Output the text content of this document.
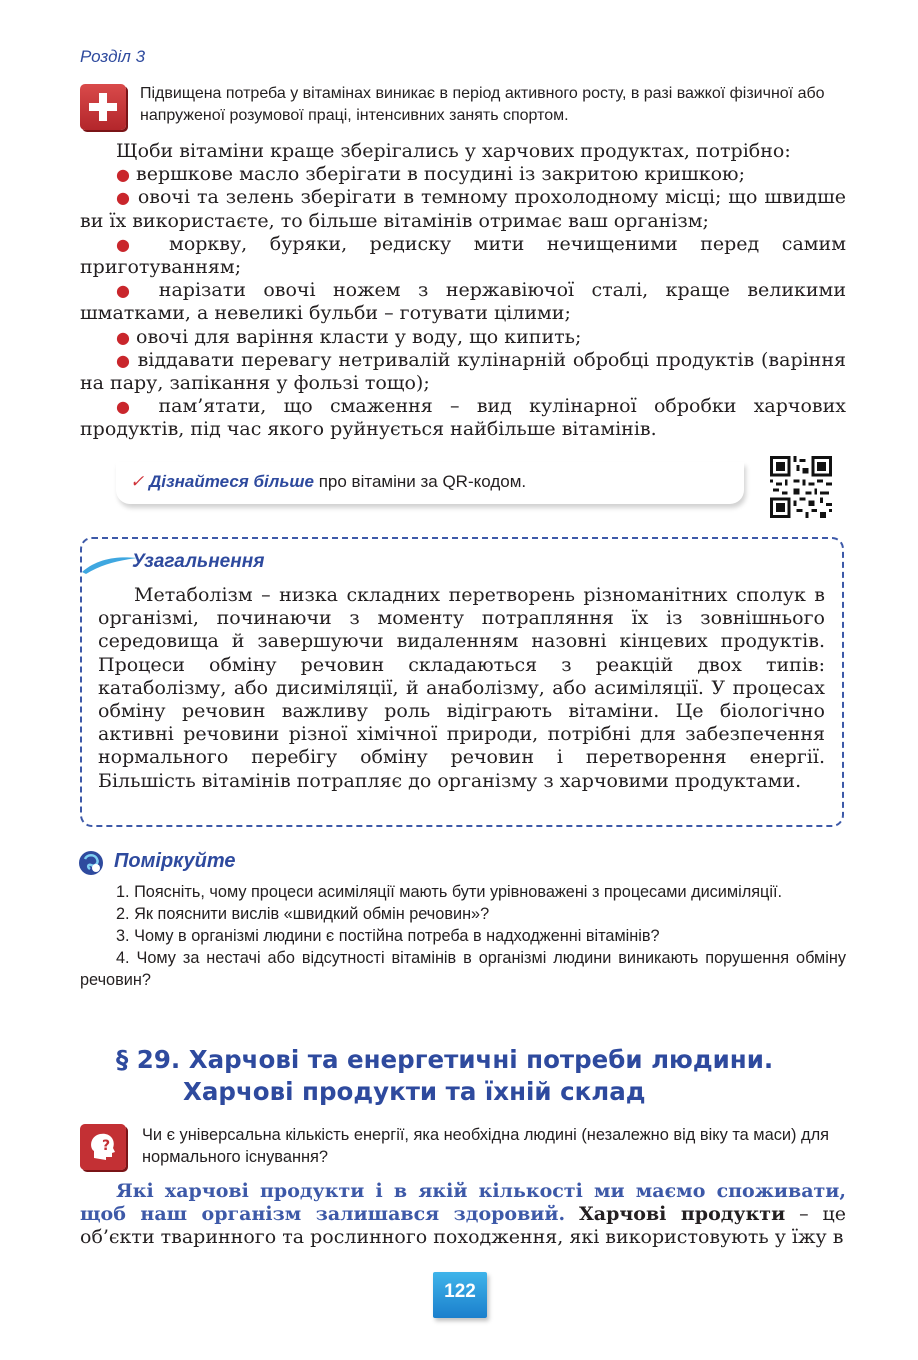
Розділ 3
Підвищена потреба у вітамінах виникає в період активного росту, в разі важкої фізичної або напруженої розумової праці, інтенсивних занять спортом.

Щоби вітаміни краще зберігались у харчових продуктах, потрібно:

● вершкове масло зберігати в посудині із закритою кришкою;

● овочі та зелень зберігати в темному прохолодному місці; що швидше ви їх використаєте, то більше вітамінів отримає ваш організм;

● моркву, буряки, редиску мити нечищеними перед самим приготуванням;

● нарізати овочі ножем з нержавіючої сталі, краще великими шматками, а невеликі бульби – готувати цілими;

● овочі для варіння класти у воду, що кипить;

● віддавати перевагу нетривалій кулінарній обробці продуктів (варіння на пару, запікання у фользі тощо);

● пам’ятати, що смаження – вид кулінарної обробки харчових продуктів, під час якого руйнується найбільше вітамінів.

✓ Дізнайтеся більше про вітаміни за QR-кодом.
Узагальнення
Метаболізм – низка складних перетворень різноманітних сполук в організмі, починаючи з моменту потрапляння їх із зовнішнього середовища й завершуючи видаленням назовні кінцевих продуктів. Процеси обміну речовин складаються з реакцій двох типів: катаболізму, або дисиміляції, й анаболізму, або асиміляції. У процесах обміну речовин важливу роль відіграють вітаміни. Це біологічно активні речовини різної хімічної природи, потрібні для забезпечення нормального перебігу обміну речовин і перетворення енергії. Більшість вітамінів потрапляє до організму з харчовими продуктами.
Поміркуйте

1. Поясніть, чому процеси асиміляції мають бути урівноважені з процесами дисиміляції.

2. Як пояснити вислів «швидкий обмін речовин»?

3. Чому в організмі людини є постійна потреба в надходженні вітамінів?

4. Чому за нестачі або відсутності вітамінів в організмі людини виникають порушення обміну речовин?

§ 29. Харчові та енергетичні потреби людини.
Харчові продукти та їхній склад
?
Чи є універсальна кількість енергії, яка необхідна людині (незалежно від віку та маси) для нормального існування?
Які харчові продукти і в якій кількості ми маємо споживати, щоб наш організм залишався здоровий. Харчові продукти – це об’єкти тваринного та рослинного походження, які використовують у їжу в
122
